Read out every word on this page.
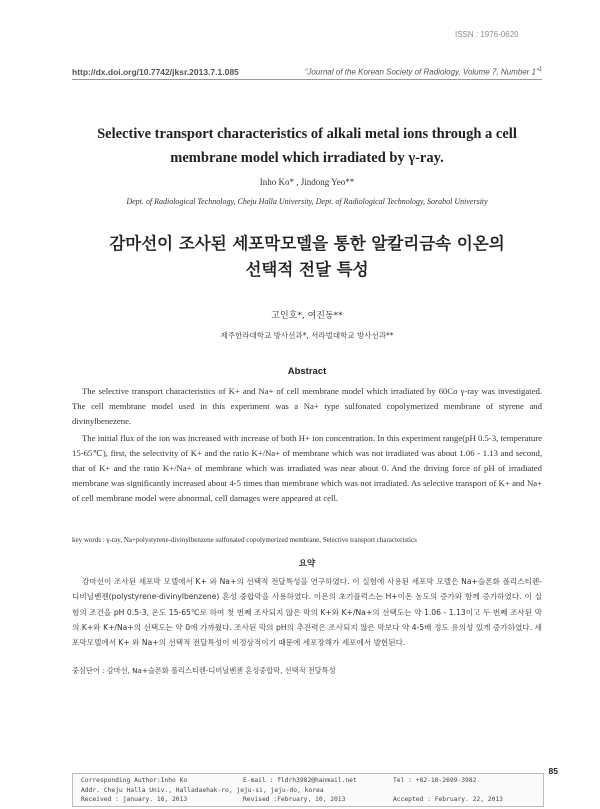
ISSN : 1976-0620
http://dx.doi.org/10.7742/jksr.2013.7.1.085	“Journal of the Korean Society of Radiology, Volume 7, Number 1”$^1$
Selective transport characteristics of alkali metal ions through a cell
membrane model which irradiated by γ-ray.
Inho Ko* , Jindong Yeo**
Dept. of Radiological Technology, Cheju Halla University, Dept. of Radiological Technology, Sorabol University
감마선이 조사된 세포막모델을 통한 알칼리금속 이온의
선택적 전달 특성
고인호*, 여진동**
제주한라대학교 방사선과*, 서라벌대학교 방사선과**
Abstract

The selective transport characteristics of K+ and Na+ of cell membrane model which irradiated by 60Co γ-ray was investigated. The cell membrane model used in this experiment was a Na+ type sulfonated copolymerized membrane of styrene and divinylbenezene.

The initial flux of the ion was increased with increase of both H+ ion concentration. In this experiment range(pH 0.5-3, temperature 15-65℃), first, the selectivity of K+ and the ratio K+/Na+ of membrane which was not irradiated was about 1.06 - 1.13 and second, that of K+ and the ratio K+/Na+ of membrane which was irradiated was near about 0. And the driving force of pH of irradiated membrane was significantly increased about 4-5 times than membrane which was not irradiated. As selective transport of K+ and Na+ of cell membrane model were abnormal, cell damages were appeared at cell.

key words : γ-ray, Na+polystyrene-divinylbenzene sulfonated copolymerized membrane, Selective transport characteristics
요약

감마선이 조사된 세포막 모델에서 K+ 와 Na+의 선택적 전달특성을 연구하였다. 이 실험에 사용된 세포막 모델은 Na+슬폰화 폴리스티렌-디비닐벤젠(polystyrene-divinylbenzene) 혼성 중합막을 사용하였다. 이온의 초기플럭스는 H+이온 농도의 증가와 함께 증가하였다. 이 실험의 조건을 pH 0.5-3, 온도 15-65℃로 하여 첫 번째 조사되지 않은 막의 K+와 K+/Na+의 선택도는 약 1.06 - 1.13이고 두 번째 조사된 막의 K+와 K+/Na+의 선택도는 약 0에 가까웠다. 조사된 막의 pH의 추진력은 조사되지 않은 막보다 약 4-5배 정도 유의성 있게 증가하였다. 세포막모델에서 K+ 와 Na+의 선택적 전달특성이 비정상적이기 때문에 세포장해가 세포에서 발현된다.

중심단어 : 감마선, Na+슬폰화 폴리스티렌-디비닐벤젠 혼성중합막, 선택적 전달특성
85
Corresponding Author:Inho Ko	E-mail : fldrh3982@hanmail.net	Tel : +82-10-2699-3982
Addr. Cheju Halla Univ., Halladaehak-ro, jeju-si, jeju-do, korea
Received : january. 16, 2013	Revised :February, 10, 2013	Accepted : February. 22, 2013
